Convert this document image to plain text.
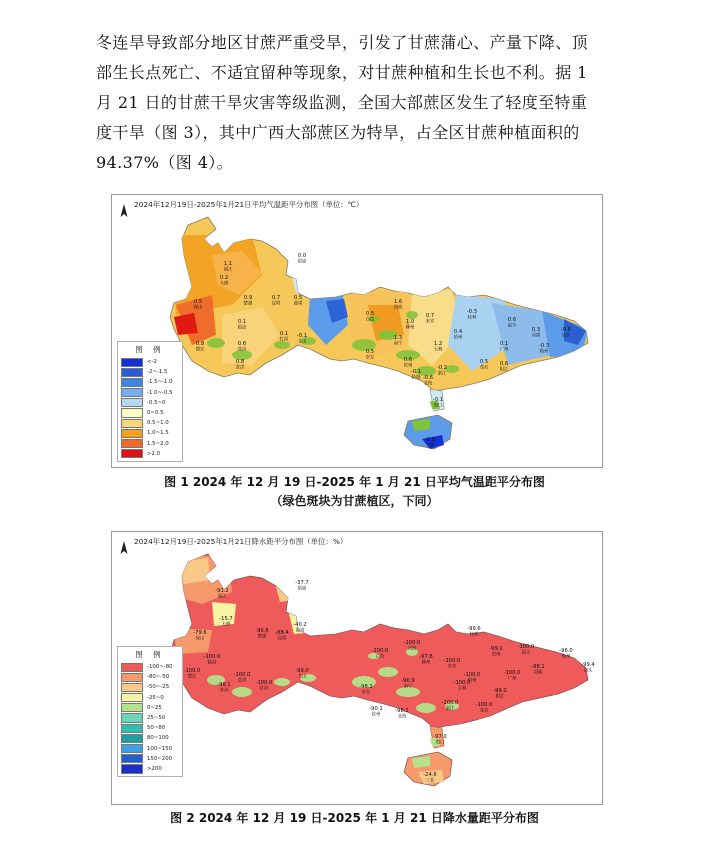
冬连旱导致部分地区甘蔗严重受旱，引发了甘蔗蒲心、产量下降、顶
部生长点死亡、不适宜留种等现象，对甘蔗种植和生长也不利。据 1
月 21 日的甘蔗干旱灾害等级监测，全国大部蔗区发生了轻度至特重
度干旱（图 3），其中广西大部蔗区为特旱，占全区甘蔗种植面积的
94.37%（图 4）。
0.0
昭通
1.1
丽江
0.2
大理
0.9
楚雄
0.7
昆明
0.5
曲靖
0.1
临沧
0.6
普洱
0.8
景洪
0.1
红河
-0.1
文山
0.5
保山
1.6
河池
1.0
柳州
0.5
百色
0.7
来宾
1.3
南宁
0.5
崇左	0.6
钦州
1.2
玉林
0.4
梧州
-0.3
桂林	0.6
韶关
0.1
广州
-0.6
汕头
0.3
河源
-0.2
湛江
0.5
茂名
0.6
阳江
-0.3
梅州
-0.6
北海
-0.1
海口
-0.8
三亚
0.8
德宏
-0.1
防城
2024年12月19日-2025年1月21日平均气温距平分布图（单位：℃）
图 例
<-2
-2~-1.5
-1.5~-1.0
-1.0~-0.5
-0.5~0
0~0.5
0.5~1.0
1.0~1.5
1.5~2.0
>2.0
图 1 2024 年 12 月 19 日-2025 年 1 月 21 日平均气温距平分布图
（绿色斑块为甘蔗植区，下同）
-37.7
昭通
-91.2
丽江
-15.7
大理
-96.6
楚雄
-88.4
昆明
-40.2
曲靖
-79.6
保山
-100.0
临沧
-99.1
普洱
-100.0
景洪 -100.0
红河
-99.0
文山
-99.6
桂林
-100.0
河池
-97.8
柳州
-100.0
百色
-100.0
来宾
-98.2
崇左
-96.9
南宁
-90.1
钦州
-98.2
北海
-100.0
玉林
-99.2
贺州
-100.0
梧州
-100.0
韶关
-98.1
河源
-96.0
梅州
-99.4
汕头
-100.0
广州
-99.0
阳江
-100.0
茂名
-100.0
湛江
-97.0
海口
-24.6
三亚
-100.0
德宏
2024年12月19日-2025年1月21日降水距平分布图（单位：%）
图 例
-100~-80
-80~-50
-50~-25
-25~0
0~25
25~50
50~80
80~100
100~150
150~200
>200
图 2 2024 年 12 月 19 日-2025 年 1 月 21 日降水量距平分布图
